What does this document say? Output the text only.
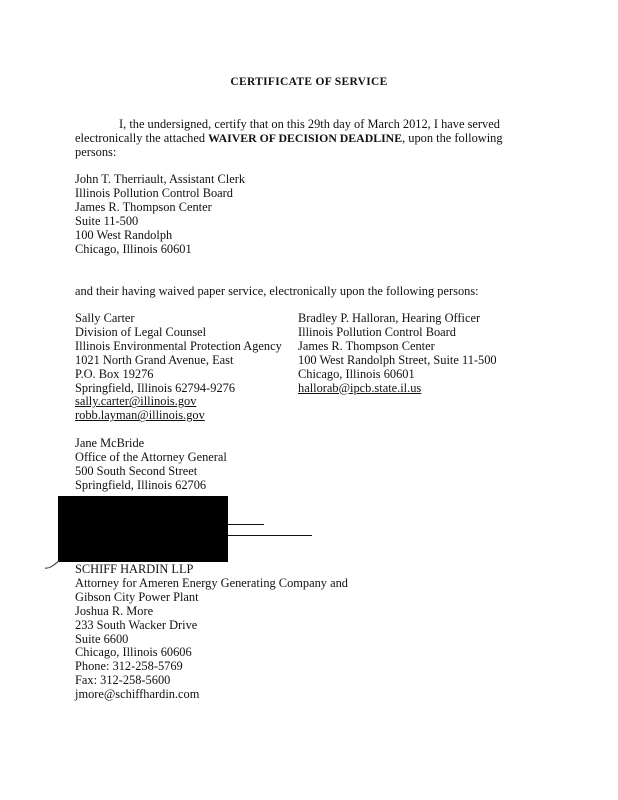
CERTIFICATE OF SERVICE
I, the undersigned, certify that on this 29th day of March 2012, I have served electronically the attached WAIVER OF DECISION DEADLINE, upon the following persons:
John T. Therriault, Assistant Clerk
Illinois Pollution Control Board
James R. Thompson Center
Suite 11-500
100 West Randolph
Chicago, Illinois 60601
and their having waived paper service, electronically upon the following persons:
Sally Carter
Division of Legal Counsel
Illinois Environmental Protection Agency
1021 North Grand Avenue, East
P.O. Box 19276
Springfield, Illinois 62794-9276
sally.carter@illinois.gov
robb.layman@illinois.gov
Bradley P. Halloran, Hearing Officer
Illinois Pollution Control Board
James R. Thompson Center
100 West Randolph Street, Suite 11-500
Chicago, Illinois 60601
hallorab@ipcb.state.il.us
Jane McBride
Office of the Attorney General
500 South Second Street
Springfield, Illinois 62706
SCHIFF HARDIN LLP
Attorney for Ameren Energy Generating Company and
Gibson City Power Plant
Joshua R. More
233 South Wacker Drive
Suite 6600
Chicago, Illinois 60606
Phone: 312-258-5769
Fax: 312-258-5600
jmore@schiffhardin.com
